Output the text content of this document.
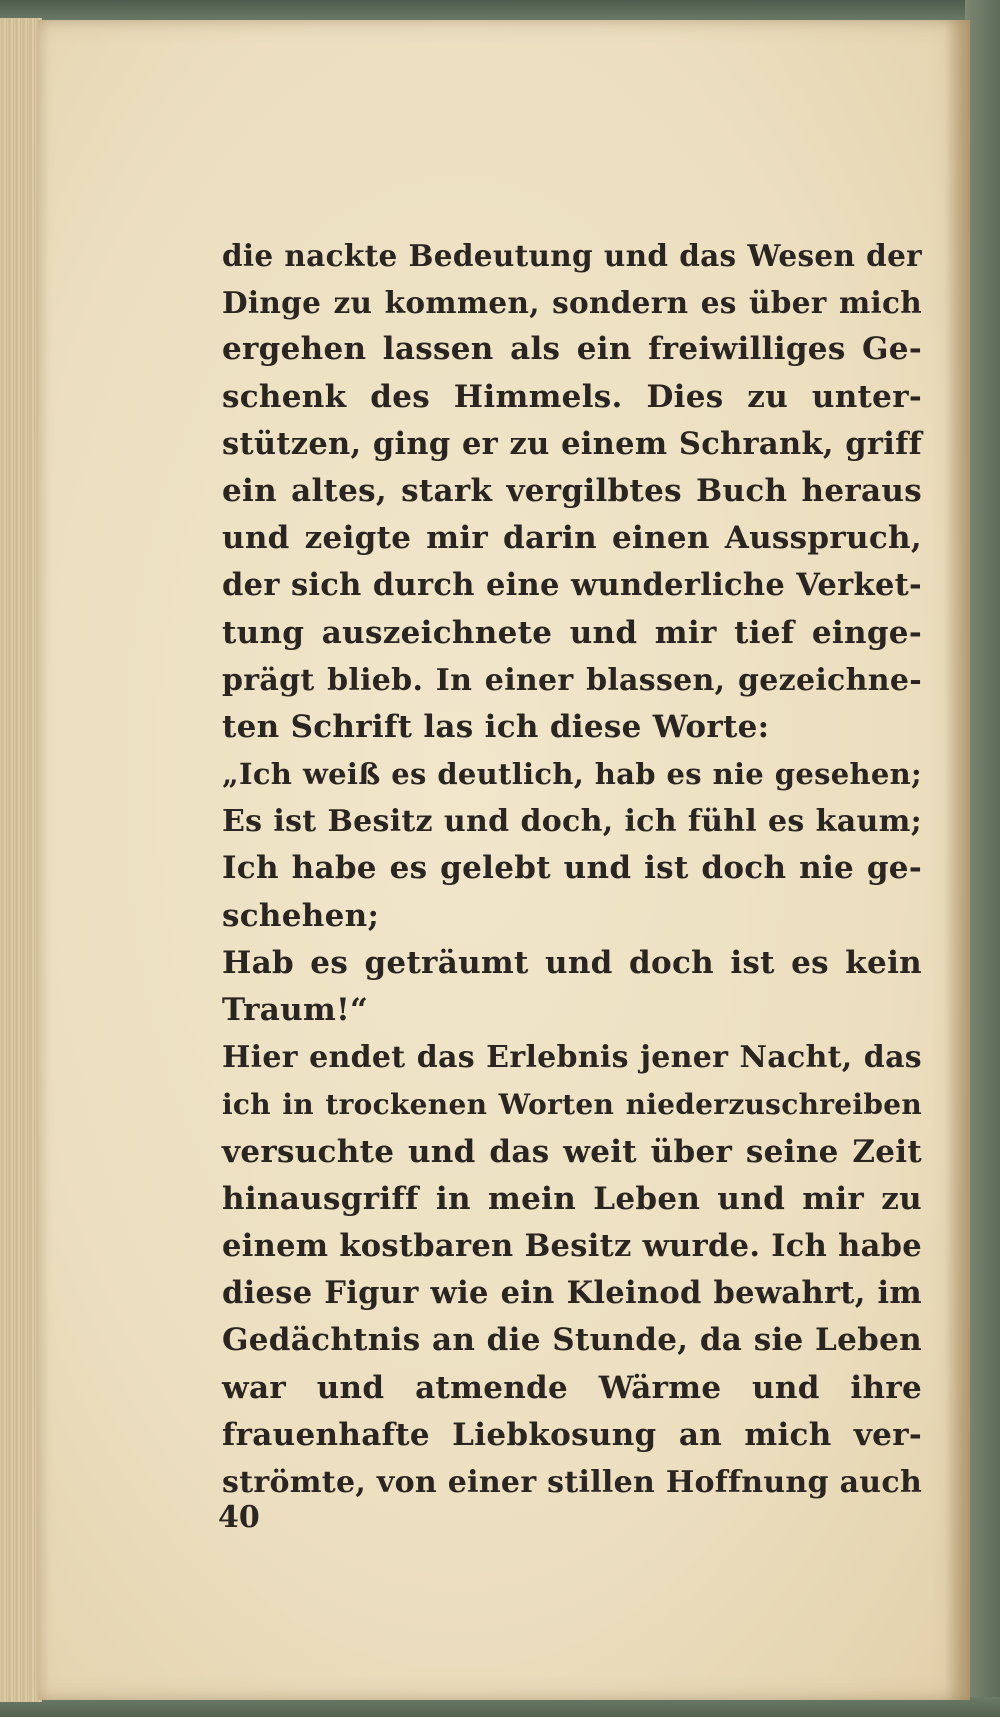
die nackte Bedeutung und das Wesen der
Dinge zu kommen, sondern es über mich
ergehen lassen als ein freiwilliges Ge-
schenk des Himmels. Dies zu unter-
stützen, ging er zu einem Schrank, griff
ein altes, stark vergilbtes Buch heraus
und zeigte mir darin einen Ausspruch,
der sich durch eine wunderliche Verket-
tung auszeichnete und mir tief einge-
prägt blieb. In einer blassen, gezeichne-
ten Schrift las ich diese Worte:
„Ich weiß es deutlich, hab es nie gesehen;
Es ist Besitz und doch, ich fühl es kaum;
Ich habe es gelebt und ist doch nie ge-
schehen;
Hab es geträumt und doch ist es kein
Traum!“
Hier endet das Erlebnis jener Nacht, das
ich in trockenen Worten niederzuschreiben
versuchte und das weit über seine Zeit
hinausgriff in mein Leben und mir zu
einem kostbaren Besitz wurde. Ich habe
diese Figur wie ein Kleinod bewahrt, im
Gedächtnis an die Stunde, da sie Leben
war und atmende Wärme und ihre
frauenhafte Liebkosung an mich ver-
strömte, von einer stillen Hoffnung auch
40
